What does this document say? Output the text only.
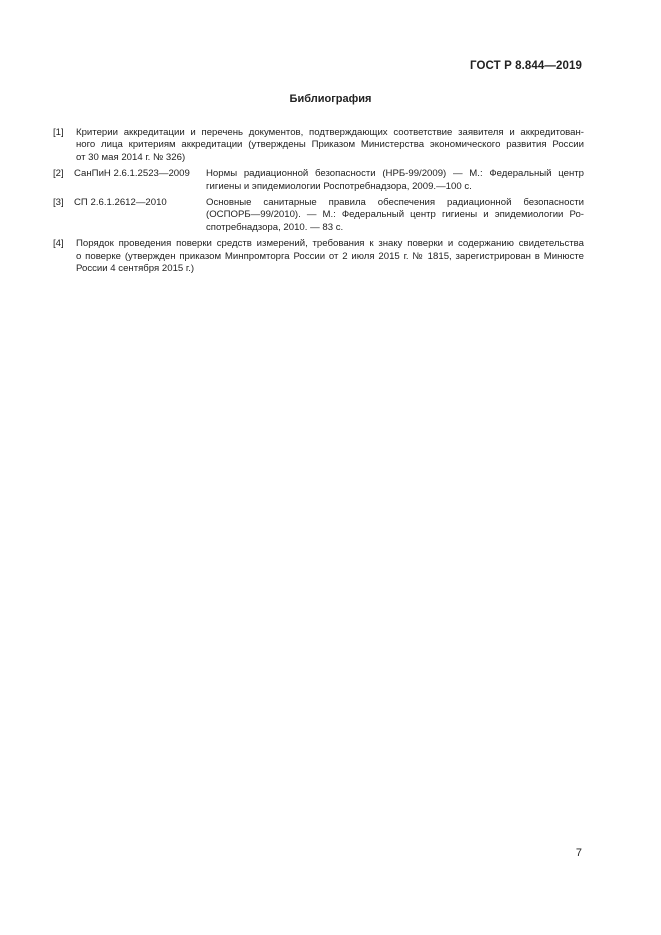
ГОСТ Р 8.844—2019
Библиография
[1] Критерии аккредитации и перечень документов, подтверждающих соответствие заявителя и аккредитован-
ного лица критериям аккредитации (утверждены Приказом Министерства экономического развития России
от 30 мая 2014 г. № 326)
[2] СанПиН 2.6.1.2523—2009 Нормы радиационной безопасности (НРБ-99/2009) — М.: Федеральный центр
гигиены и эпидемиологии Роспотребнадзора, 2009.—100 с.
[3] СП 2.6.1.2612—2010	Основные санитарные правила обеспечения радиационной безопасности
(ОСПОРБ—99/2010). — М.: Федеральный центр гигиены и эпидемиологии Ро-
спотребнадзора, 2010. — 83 с.
[4] Порядок проведения поверки средств измерений, требования к знаку поверки и содержанию свидетельства
о поверке (утвержден приказом Минпромторга России от 2 июля 2015 г. № 1815, зарегистрирован в Минюсте
России 4 сентября 2015 г.)
7
